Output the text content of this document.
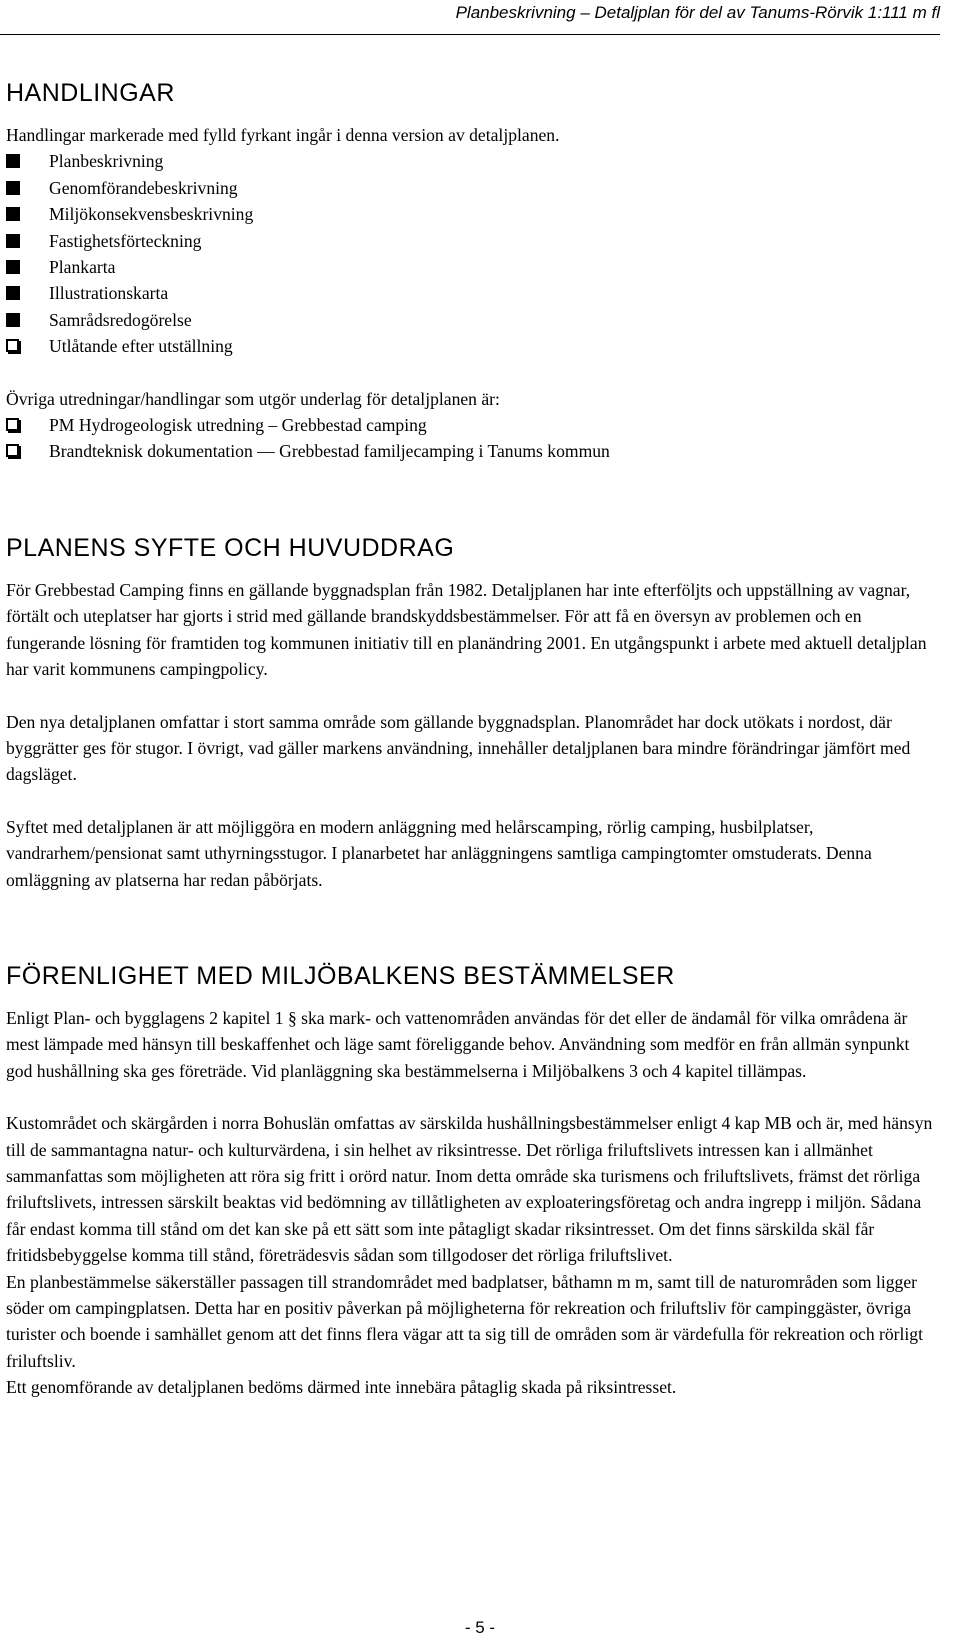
Planbeskrivning – Detaljplan för del av Tanums-Rörvik 1:111 m fl
HANDLINGAR

Handlingar markerade med fylld fyrkant ingår i denna version av detaljplanen.

Planbeskrivning
Genomförandebeskrivning
Miljökonsekvensbeskrivning
Fastighetsförteckning
Plankarta
Illustrationskarta
Samrådsredogörelse
Utlåtande efter utställning

Övriga utredningar/handlingar som utgör underlag för detaljplanen är:

PM Hydrogeologisk utredning – Grebbestad camping
Brandteknisk dokumentation — Grebbestad familjecamping i Tanums kommun
PLANENS SYFTE OCH HUVUDDRAG

För Grebbestad Camping finns en gällande byggnadsplan från 1982. Detaljplanen har inte efterföljts och uppställning av vagnar, förtält och uteplatser har gjorts i strid med gällande brandskyddsbestämmelser. För att få en översyn av problemen och en fungerande lösning för framtiden tog kommunen initiativ till en planändring 2001. En utgångspunkt i arbete med aktuell detaljplan har varit kommunens campingpolicy.

Den nya detaljplanen omfattar i stort samma område som gällande byggnadsplan. Planområdet har dock utökats i nordost, där byggrätter ges för stugor. I övrigt, vad gäller markens användning, innehåller detaljplanen bara mindre förändringar jämfört med dagsläget.

Syftet med detaljplanen är att möjliggöra en modern anläggning med helårscamping, rörlig camping, husbilplatser, vandrarhem/pensionat samt uthyrningsstugor. I planarbetet har anläggningens samtliga campingtomter omstuderats. Denna omläggning av platserna har redan påbörjats.

FÖRENLIGHET MED MILJÖBALKENS BESTÄMMELSER

Enligt Plan- och bygglagens 2 kapitel 1 § ska mark- och vattenområden användas för det eller de ändamål för vilka områdena är mest lämpade med hänsyn till beskaffenhet och läge samt föreliggande behov. Användning som medför en från allmän synpunkt god hushållning ska ges företräde. Vid planläggning ska bestämmelserna i Miljöbalkens 3 och 4 kapitel tillämpas.

Kustområdet och skärgården i norra Bohuslän omfattas av särskilda hushållningsbestämmelser enligt 4 kap MB och är, med hänsyn till de sammantagna natur- och kulturvärdena, i sin helhet av riksintresse. Det rörliga friluftslivets intressen kan i allmänhet sammanfattas som möjligheten att röra sig fritt i orörd natur. Inom detta område ska turismens och friluftslivets, främst det rörliga friluftslivets, intressen särskilt beaktas vid bedömning av tillåtligheten av exploateringsföretag och andra ingrepp i miljön. Sådana får endast komma till stånd om det kan ske på ett sätt som inte påtagligt skadar riksintresset. Om det finns särskilda skäl får fritidsbebyggelse komma till stånd, företrädesvis sådan som tillgodoser det rörliga friluftslivet.

En planbestämmelse säkerställer passagen till strandområdet med badplatser, båthamn m m, samt till de naturområden som ligger söder om campingplatsen. Detta har en positiv påverkan på möjligheterna för rekreation och friluftsliv för campinggäster, övriga turister och boende i samhället genom att det finns flera vägar att ta sig till de områden som är värdefulla för rekreation och rörligt friluftsliv.

Ett genomförande av detaljplanen bedöms därmed inte innebära påtaglig skada på riksintresset.

- 5 -
